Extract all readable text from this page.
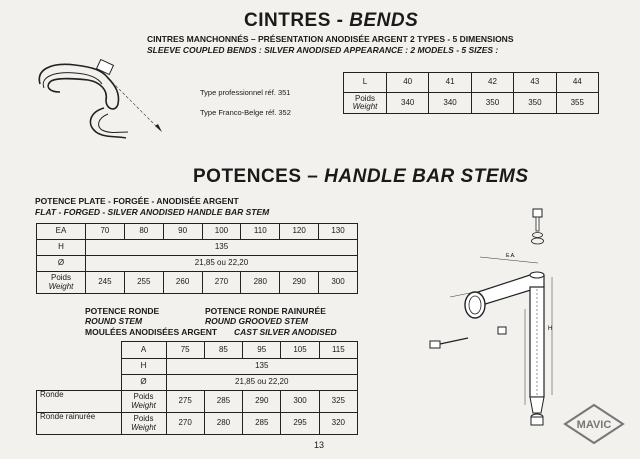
CINTRES - BENDS
CINTRES MANCHONNÉS – PRÉSENTATION ANODISÉE ARGENT 2 TYPES - 5 DIMENSIONS
SLEEVE COUPLED BENDS : SILVER ANODISED APPEARANCE : 2 MODELS - 5 SIZES :
Type professionnel réf. 351
Type Franco-Belge réf. 352
L	40	41	42	43	44
Poids
Weight	340	340	350	350	355
POTENCES – HANDLE BAR STEMS
POTENCE PLATE - FORGÉE - ANODISÉE ARGENT
FLAT - FORGED - SILVER ANODISED HANDLE BAR STEM
EA	70	80	90	100	110	120	130
H	135						
Ø	21,85 ou 22,20						
Poids
Weight	245	255	260	270	280	290	300
POTENCE RONDE
ROUND STEM
POTENCE RONDE RAINURÉE
ROUND GROOVED STEM
MOULÉES ANODISÉES ARGENT CAST SILVER ANODISED
	A	75	85	95	105	115
	H	135				
	Ø	21,85 ou 22,20				
Ronde	Poids
Weight	275	285	290	300	325
Ronde rainurée	Poids
Weight	270	280	285	295	320
E.A.
H
MAVIC
13
